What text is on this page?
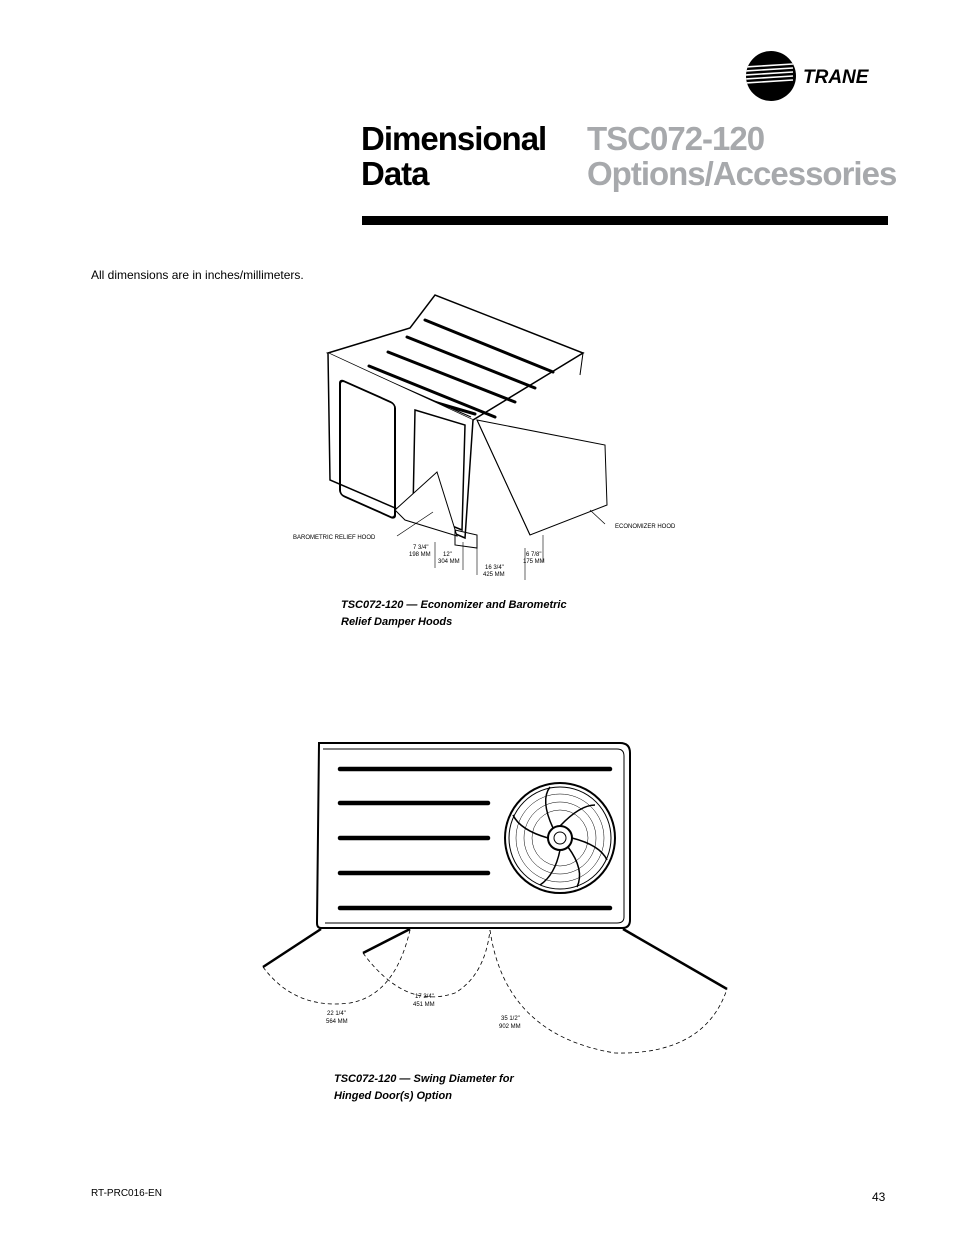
TRANE
Dimensional Data
TSC072-120 Options/Accessories
All dimensions are in inches/millimeters.
BAROMETRIC RELIEF HOOD
ECONOMIZER HOOD
7 3/4"
198 MM 12"
304 MM
16 3/4"
425 MM
6 7/8"
175 MM
TSC072-120 — Economizer and Barometric
Relief Damper Hoods
22 1/4"
564 MM
17 3/4"
451 MM
35 1/2"
902 MM
TSC072-120 — Swing Diameter for
Hinged Door(s) Option
RT-PRC016-EN	43
